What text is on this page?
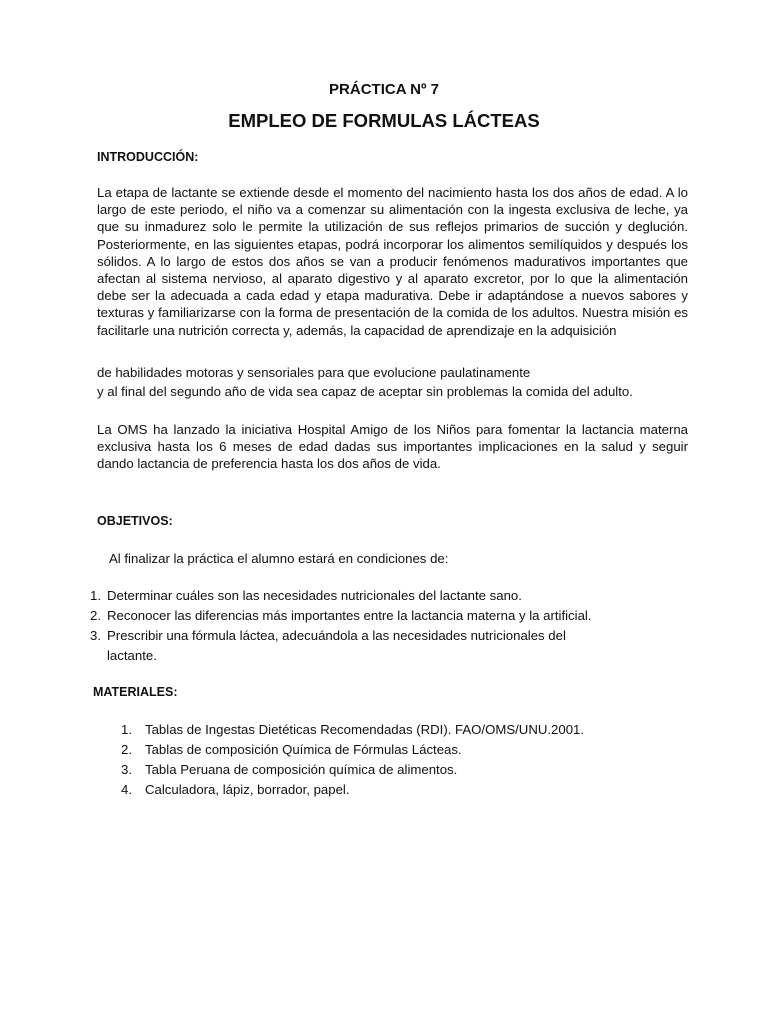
PRÁCTICA Nº 7
EMPLEO DE FORMULAS LÁCTEAS
INTRODUCCIÓN:

La etapa de lactante se extiende desde el momento del nacimiento hasta los dos años de edad. A lo largo de este periodo, el niño va a comenzar su alimentación con la ingesta exclusiva de leche, ya que su inmadurez solo le permite la utilización de sus reflejos primarios de succión y deglución. Posteriormente, en las siguientes etapas, podrá incorporar los alimentos semilíquidos y después los sólidos. A lo largo de estos dos años se van a producir fenómenos madurativos importantes que afectan al sistema nervioso, al aparato digestivo y al aparato excretor, por lo que la alimentación debe ser la adecuada a cada edad y etapa madurativa. Debe ir adaptándose a nuevos sabores y texturas y familiarizarse con la forma de presentación de la comida de los adultos. Nuestra misión es facilitarle una nutrición correcta y, además, la capacidad de aprendizaje en la adquisición

de habilidades motoras y sensoriales para que evolucione paulatinamente

y al final del segundo año de vida sea capaz de aceptar sin problemas la comida del adulto.

La OMS ha lanzado la iniciativa Hospital Amigo de los Niños para fomentar la lactancia materna exclusiva hasta los 6 meses de edad dadas sus importantes implicaciones en la salud y seguir dando lactancia de preferencia hasta los dos años de vida.

OBJETIVOS:

Al finalizar la práctica el alumno estará en condiciones de:

1. Determinar cuáles son las necesidades nutricionales del lactante sano.
2. Reconocer las diferencias más importantes entre la lactancia materna y la artificial.
3. Prescribir una fórmula láctea, adecuándola a las necesidades nutricionales del
lactante.
MATERIALES:
1. Tablas de Ingestas Dietéticas Recomendadas (RDI). FAO/OMS/UNU.2001.
2. Tablas de composición Química de Fórmulas Lácteas.
3. Tabla Peruana de composición química de alimentos.
4. Calculadora, lápiz, borrador, papel.
